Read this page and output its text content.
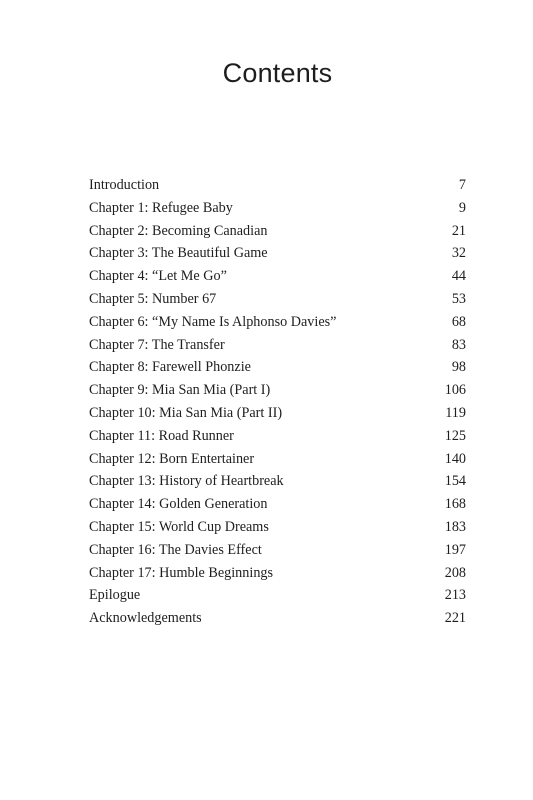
Contents
Introduction	7
Chapter 1: Refugee Baby	9
Chapter 2: Becoming Canadian	21
Chapter 3: The Beautiful Game	32
Chapter 4: “Let Me Go”	44
Chapter 5: Number 67	53
Chapter 6: “My Name Is Alphonso Davies”	68
Chapter 7: The Transfer	83
Chapter 8: Farewell Phonzie	98
Chapter 9: Mia San Mia (Part I)	106
Chapter 10: Mia San Mia (Part II)	119
Chapter 11: Road Runner	125
Chapter 12: Born Entertainer	140
Chapter 13: History of Heartbreak	154
Chapter 14: Golden Generation	168
Chapter 15: World Cup Dreams	183
Chapter 16: The Davies Effect	197
Chapter 17: Humble Beginnings	208
Epilogue	213
Acknowledgements	221
